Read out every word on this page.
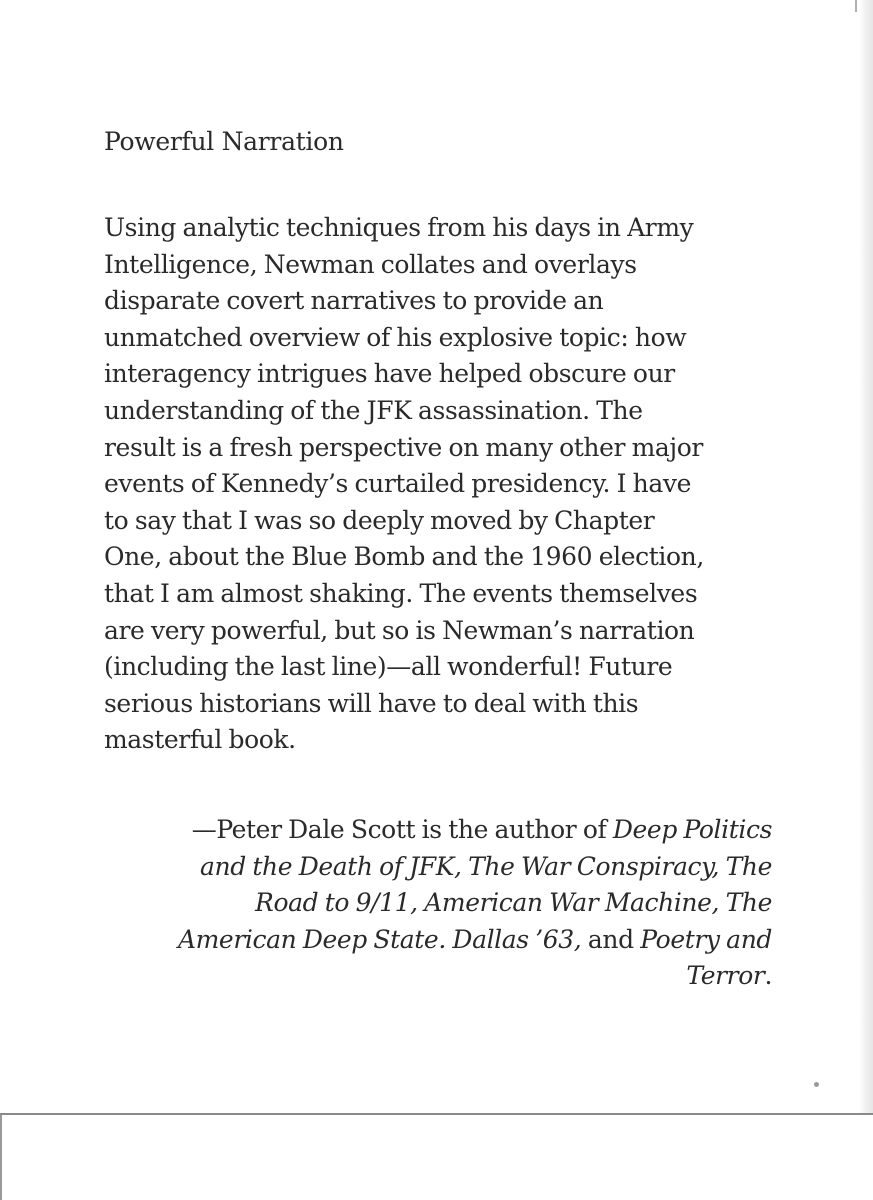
Powerful Narration
Using analytic techniques from his days in Army
Intelligence, Newman collates and overlays
disparate covert narratives to provide an
unmatched overview of his explosive topic: how
interagency intrigues have helped obscure our
understanding of the JFK assassination. The
result is a fresh perspective on many other major
events of Kennedy’s curtailed presidency. I have
to say that I was so deeply moved by Chapter
One, about the Blue Bomb and the 1960 election,
that I am almost shaking. The events themselves
are very powerful, but so is Newman’s narration
(including the last line)—all wonderful! Future
serious historians will have to deal with this
masterful book.
—Peter Dale Scott is the author of Deep Politics
and the Death of JFK, The War Conspiracy, The
Road to 9/11, American War Machine, The
American Deep State. Dallas ’63, and Poetry and
Terror.
